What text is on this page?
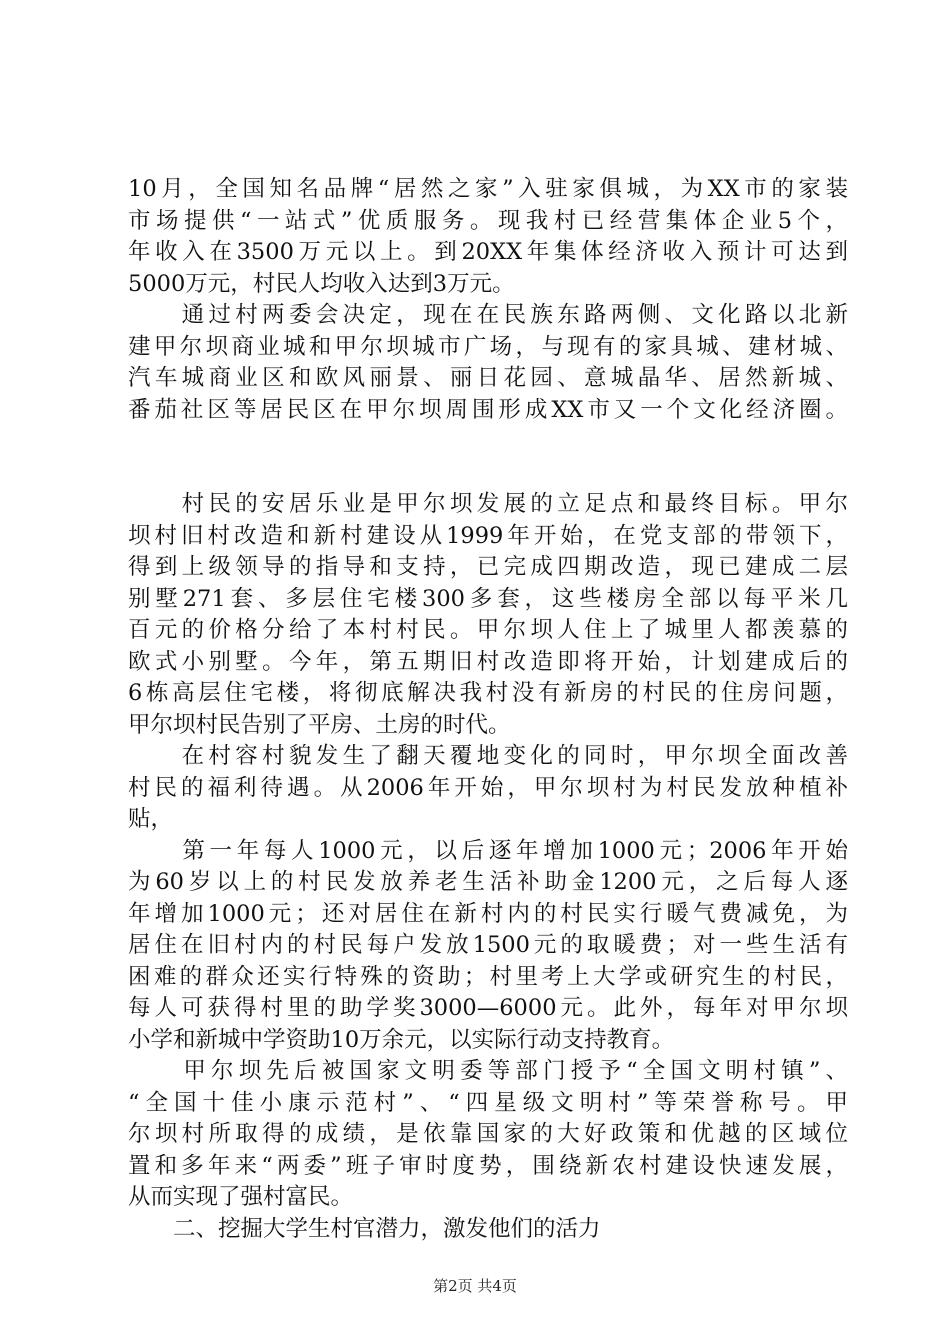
10月，全国知名品牌“居然之家”入驻家俱城，为XX市的家装
市场提供“一站式”优质服务。现我村已经营集体企业5个，
年收入在3500万元以上。到20XX年集体经济收入预计可达到
5000万元，村民人均收入达到3万元。
　　通过村两委会决定，现在在民族东路两侧、文化路以北新
建甲尔坝商业城和甲尔坝城市广场，与现有的家具城、建材城、
汽车城商业区和欧风丽景、丽日花园、意城晶华、居然新城、
番茄社区等居民区在甲尔坝周围形成XX市又一个文化经济圈。
　　村民的安居乐业是甲尔坝发展的立足点和最终目标。甲尔
坝村旧村改造和新村建设从1999年开始，在党支部的带领下，
得到上级领导的指导和支持，已完成四期改造，现已建成二层
别墅271套、多层住宅楼300多套，这些楼房全部以每平米几
百元的价格分给了本村村民。甲尔坝人住上了城里人都羡慕的
欧式小别墅。今年，第五期旧村改造即将开始，计划建成后的
6栋高层住宅楼，将彻底解决我村没有新房的村民的住房问题，
甲尔坝村民告别了平房、土房的时代。
　　在村容村貌发生了翻天覆地变化的同时，甲尔坝全面改善
村民的福利待遇。从2006年开始，甲尔坝村为村民发放种植补
贴，
　　第一年每人1000元，以后逐年增加1000元；2006年开始
为60岁以上的村民发放养老生活补助金1200元，之后每人逐
年增加1000元；还对居住在新村内的村民实行暖气费减免，为
居住在旧村内的村民每户发放1500元的取暖费；对一些生活有
困难的群众还实行特殊的资助；村里考上大学或研究生的村民，
每人可获得村里的助学奖3000—6000元。此外，每年对甲尔坝
小学和新城中学资助10万余元，以实际行动支持教育。
　　甲尔坝先后被国家文明委等部门授予“全国文明村镇”、
“全国十佳小康示范村”、“四星级文明村”等荣誉称号。甲
尔坝村所取得的成绩，是依靠国家的大好政策和优越的区域位
置和多年来“两委”班子审时度势，围绕新农村建设快速发展，
从而实现了强村富民。
　　二、挖掘大学生村官潜力，激发他们的活力
第2页 共4页
